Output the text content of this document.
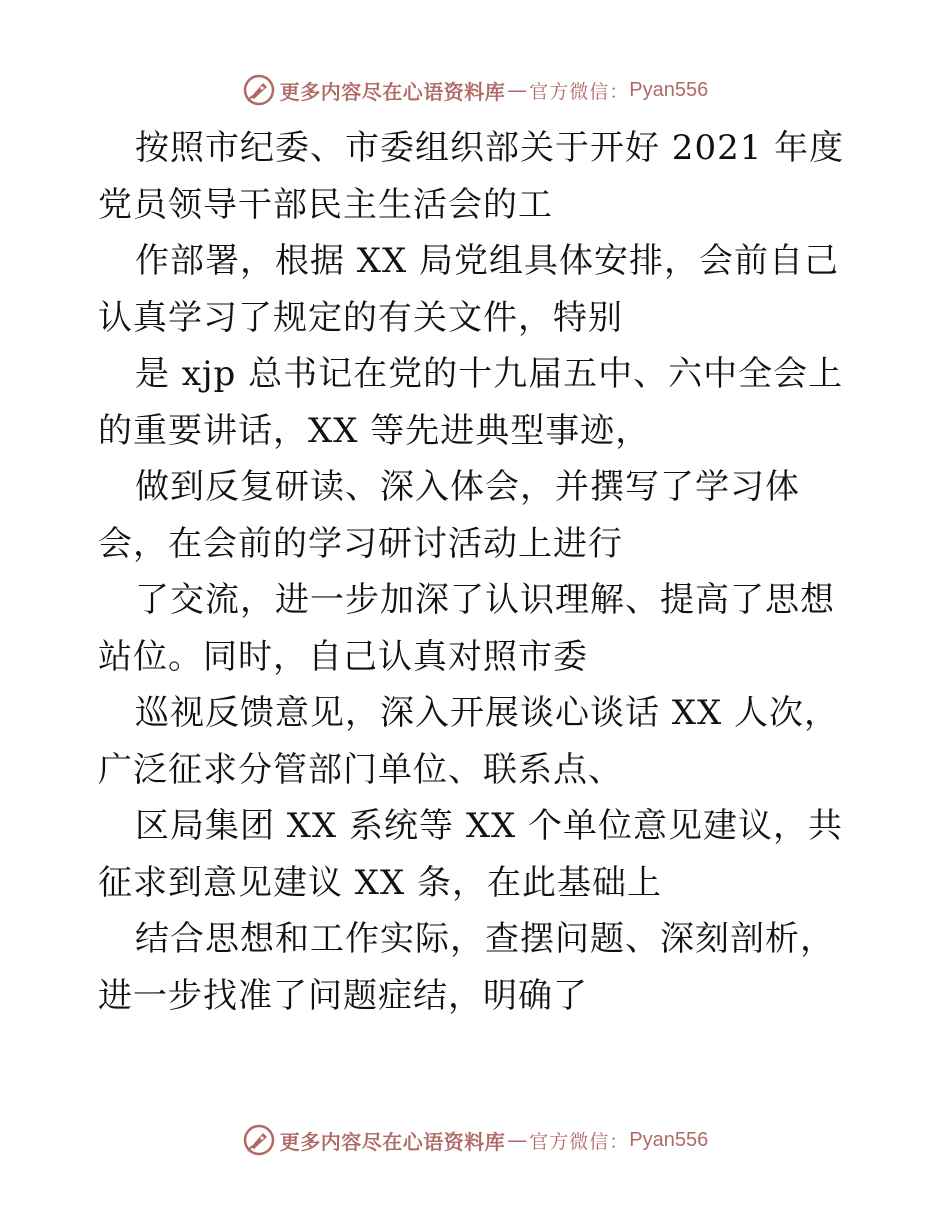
更多内容尽在心语资料库 — 官方微信： Pyan556

按照市纪委、市委组织部关于开好 2021 年度党员领导干部民主生活会的工

作部署，根据 XX 局党组具体安排，会前自己认真学习了规定的有关文件，特别

是 xjp 总书记在党的十九届五中、六中全会上的重要讲话，XX 等先进典型事迹，

做到反复研读、深入体会，并撰写了学习体会，在会前的学习研讨活动上进行

了交流，进一步加深了认识理解、提高了思想站位。同时，自己认真对照市委

巡视反馈意见，深入开展谈心谈话 XX 人次，广泛征求分管部门单位、联系点、

区局集团 XX 系统等 XX 个单位意见建议，共征求到意见建议 XX 条，在此基础上

结合思想和工作实际，查摆问题、深刻剖析，进一步找准了问题症结，明确了

更多内容尽在心语资料库 — 官方微信： Pyan556
